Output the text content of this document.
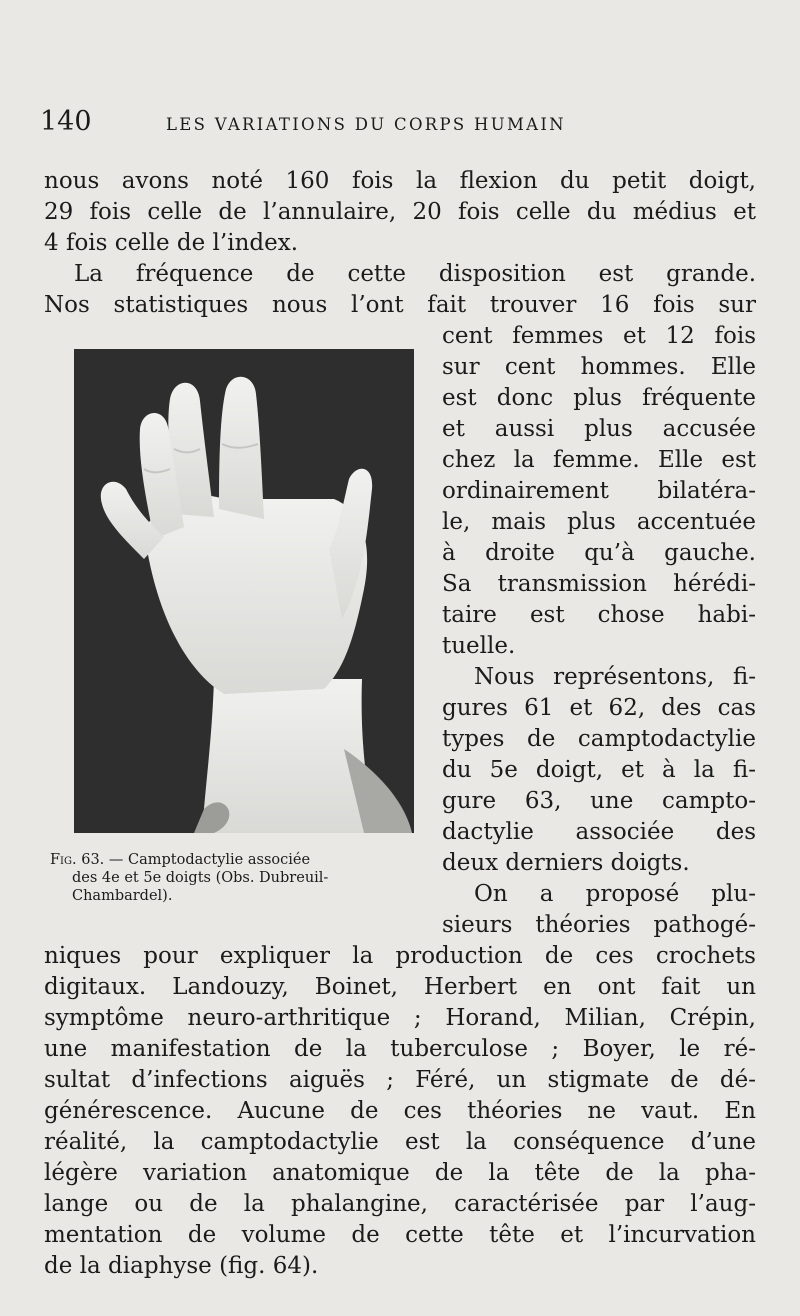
140	LES VARIATIONS DU CORPS HUMAIN
nous avons noté 160 fois la flexion du petit doigt,
29 fois celle de l’annulaire, 20 fois celle du médius et
4 fois celle de l’index.
La fréquence de cette disposition est grande.
Nos statistiques nous l’ont fait trouver 16 fois sur
cent femmes et 12 fois
sur cent hommes. Elle
est donc plus fréquente
et aussi plus accusée
chez la femme. Elle est
ordinairement bilatéra-
le, mais plus accentuée
à droite qu’à gauche.
Sa transmission hérédi-
taire est chose habi-
tuelle.
Nous représentons, fi-
gures 61 et 62, des cas
types de camptodactylie
du 5e doigt, et à la fi-
gure 63, une campto-
dactylie associée des
deux derniers doigts.
On a proposé plu-
sieurs théories pathogé-
niques pour expliquer la production de ces crochets
digitaux. Landouzy, Boinet, Herbert en ont fait un
symptôme neuro-arthritique ; Horand, Milian, Crépin,
une manifestation de la tuberculose ; Boyer, le ré-
sultat d’infections aiguës ; Féré, un stigmate de dé-
générescence. Aucune de ces théories ne vaut. En
réalité, la camptodactylie est la conséquence d’une
légère variation anatomique de la tête de la pha-
lange ou de la phalangine, caractérisée par l’aug-
mentation de volume de cette tête et l’incurvation
de la diaphyse (fig. 64).
Fig. 63. — Camptodactylie associée
des 4e et 5e doigts (Obs. Dubreuil-
Chambardel).
